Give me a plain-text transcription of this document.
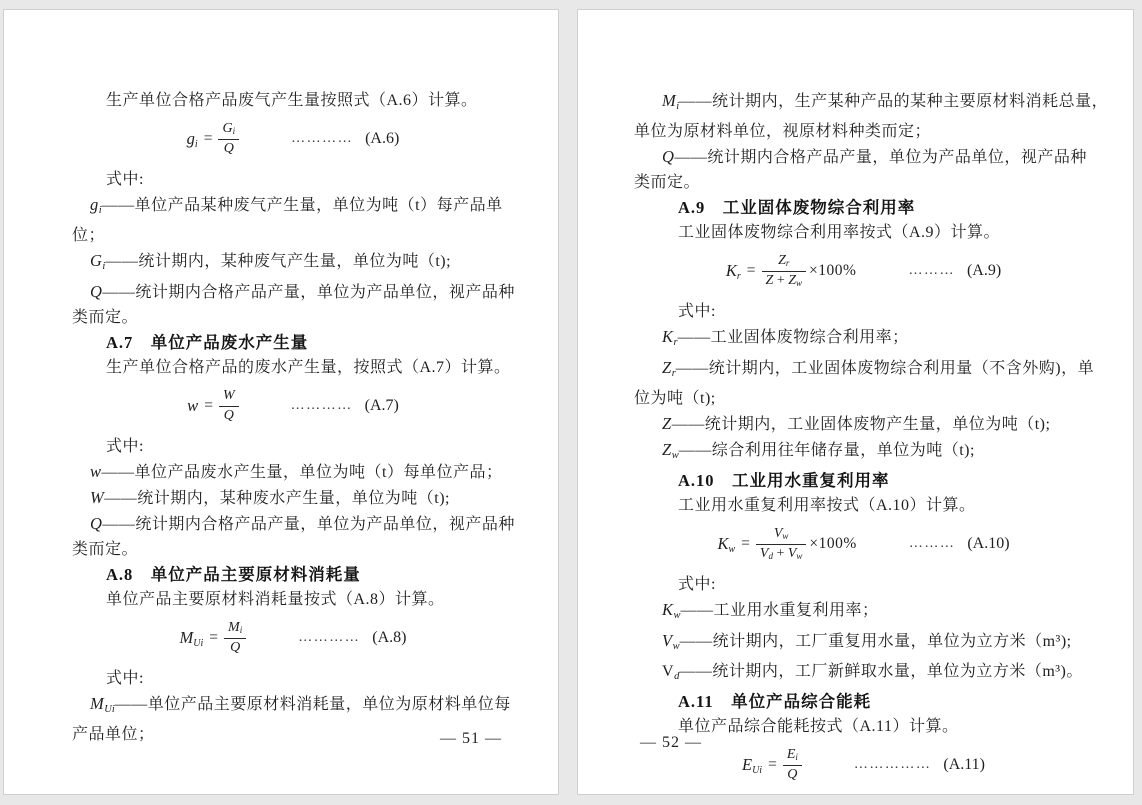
生产单位合格产品废气产生量按照式（A.6）计算。
$g_i = \frac{G_i}{Q}$	………… (A.6)
式中:
$g_i——$单位产品某种废气产生量，单位为吨（t）每产品单
位；
$G_i——$统计期内，某种废气产生量，单位为吨（t);
Q——统计期内合格产品产量，单位为产品单位，视产品种
类而定。
A.7　单位产品废水产生量
生产单位合格产品的废水产生量，按照式（A.7）计算。
$w = \frac{W}{Q}$	………… (A.7)
式中:
w——单位产品废水产生量，单位为吨（t）每单位产品；
W——统计期内，某种废水产生量，单位为吨（t);
Q——统计期内合格产品产量，单位为产品单位，视产品种
类而定。
A.8　单位产品主要原材料消耗量
单位产品主要原材料消耗量按式（A.8）计算。
$M_{Ui} = \frac{M_i}{Q}$	………… (A.8)
式中:
$M_{Ui}——$单位产品主要原材料消耗量，单位为原材料单位每
产品单位；	— 51 —
$M_i——$统计期内，生产某种产品的某种主要原材料消耗总量，
单位为原材料单位，视原材料种类而定；
Q——统计期内合格产品产量，单位为产品单位，视产品种
类而定。
A.9　工业固体废物综合利用率
工业固体废物综合利用率按式（A.9）计算。
$K_r = \frac{Z_r}{Z + Z_w} \times 100\%$	……… (A.9)
式中:
$K_r——$工业固体废物综合利用率；
$Z_r——$统计期内，工业固体废物综合利用量（不含外购)，单
位为吨（t);
Z——统计期内，工业固体废物产生量，单位为吨（t);
$Z_w——$综合利用往年储存量，单位为吨（t);
A.10　工业用水重复利用率
工业用水重复利用率按式（A.10）计算。
$K_w = \frac{V_w}{V_d + V_w} \times 100\%$	……… (A.10)
式中:
$K_w——$工业用水重复利用率；
$V_w——$统计期内，工厂重复用水量，单位为立方米（m³);
$V_d——$统计期内，工厂新鲜取水量，单位为立方米（m³)。
A.11　单位产品综合能耗
单位产品综合能耗按式（A.11）计算。
$E_{Ui} = \frac{E_i}{Q}$	…………… (A.11)
— 52 —
